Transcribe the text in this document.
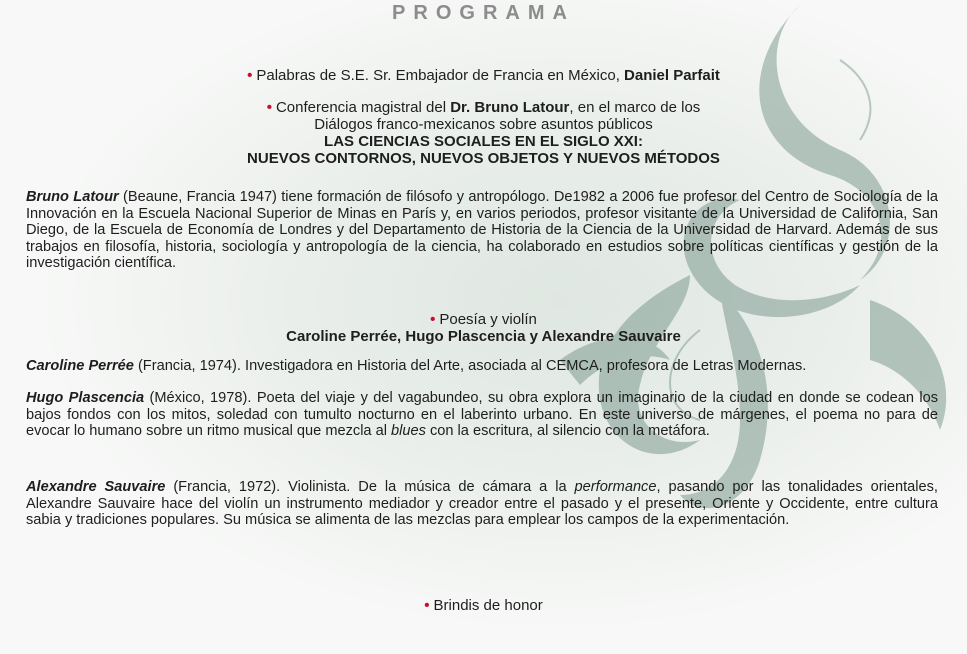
PROGRAMA
• Palabras de S.E. Sr. Embajador de Francia en México, Daniel Parfait
• Conferencia magistral del Dr. Bruno Latour, en el marco de los
Diálogos franco-mexicanos sobre asuntos públicos
LAS CIENCIAS SOCIALES EN EL SIGLO XXI:
NUEVOS CONTORNOS, NUEVOS OBJETOS Y NUEVOS MÉTODOS
Bruno Latour (Beaune, Francia 1947) tiene formación de filósofo y antropólogo. De1982 a 2006 fue profesor del Centro de Sociología de la Innovación en la Escuela Nacional Superior de Minas en París y, en varios periodos, profesor visitante de la Universidad de California, San Diego, de la Escuela de Economía de Londres y del Departamento de Historia de la Ciencia de la Universidad de Harvard. Además de sus trabajos en filosofía, historia, sociología y antropología de la ciencia, ha colaborado en estudios sobre políticas científicas y gestión de la investigación científica.
• Poesía y violín
Caroline Perrée, Hugo Plascencia y Alexandre Sauvaire
Caroline Perrée (Francia, 1974). Investigadora en Historia del Arte, asociada al CEMCA, profesora de Letras Modernas.
Hugo Plascencia (México, 1978). Poeta del viaje y del vagabundeo, su obra explora un imaginario de la ciudad en donde se codean los bajos fondos con los mitos, soledad con tumulto nocturno en el laberinto urbano. En este universo de márgenes, el poema no para de evocar lo humano sobre un ritmo musical que mezcla al blues con la escritura, al silencio con la metáfora.
Alexandre Sauvaire (Francia, 1972). Violinista. De la música de cámara a la performance, pasando por las tonalidades orientales, Alexandre Sauvaire hace del violín un instrumento mediador y creador entre el pasado y el presente, Oriente y Occidente, entre cultura sabia y tradiciones populares. Su música se alimenta de las mezclas para emplear los campos de la experimentación.
• Brindis de honor
